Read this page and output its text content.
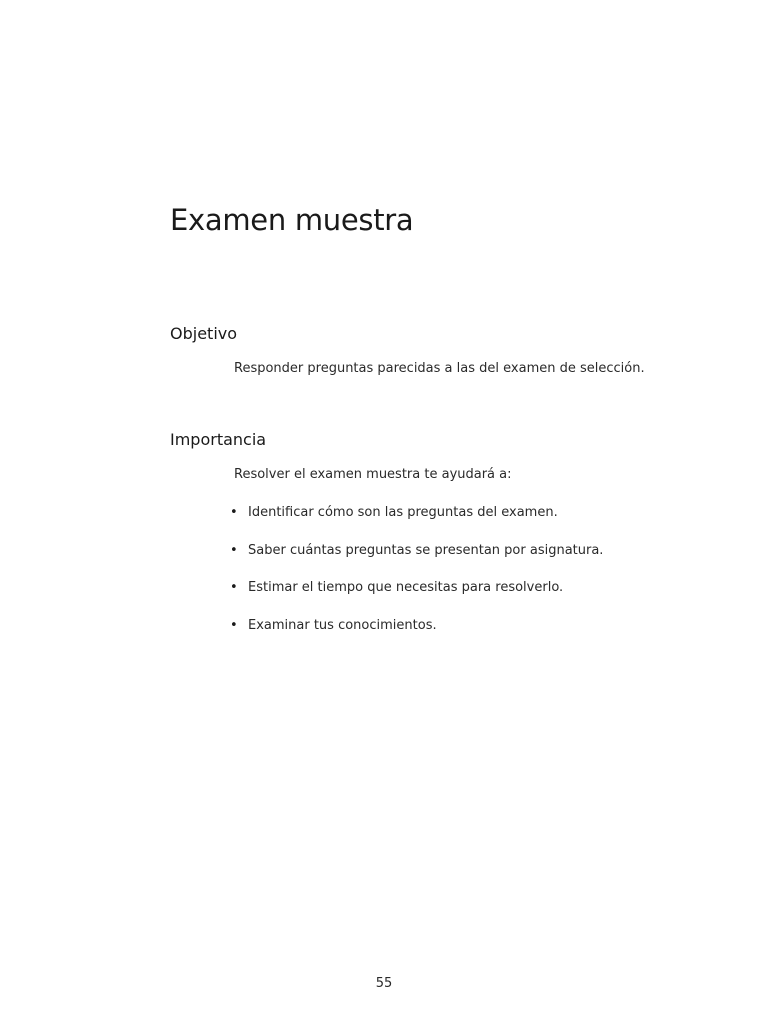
Examen muestra
Objetivo

Responder preguntas parecidas a las del examen de selección.

Importancia

Resolver el examen muestra te ayudará a:

• Identificar cómo son las preguntas del examen.
• Saber cuántas preguntas se presentan por asignatura.
• Estimar el tiempo que necesitas para resolverlo.
• Examinar tus conocimientos.
55
